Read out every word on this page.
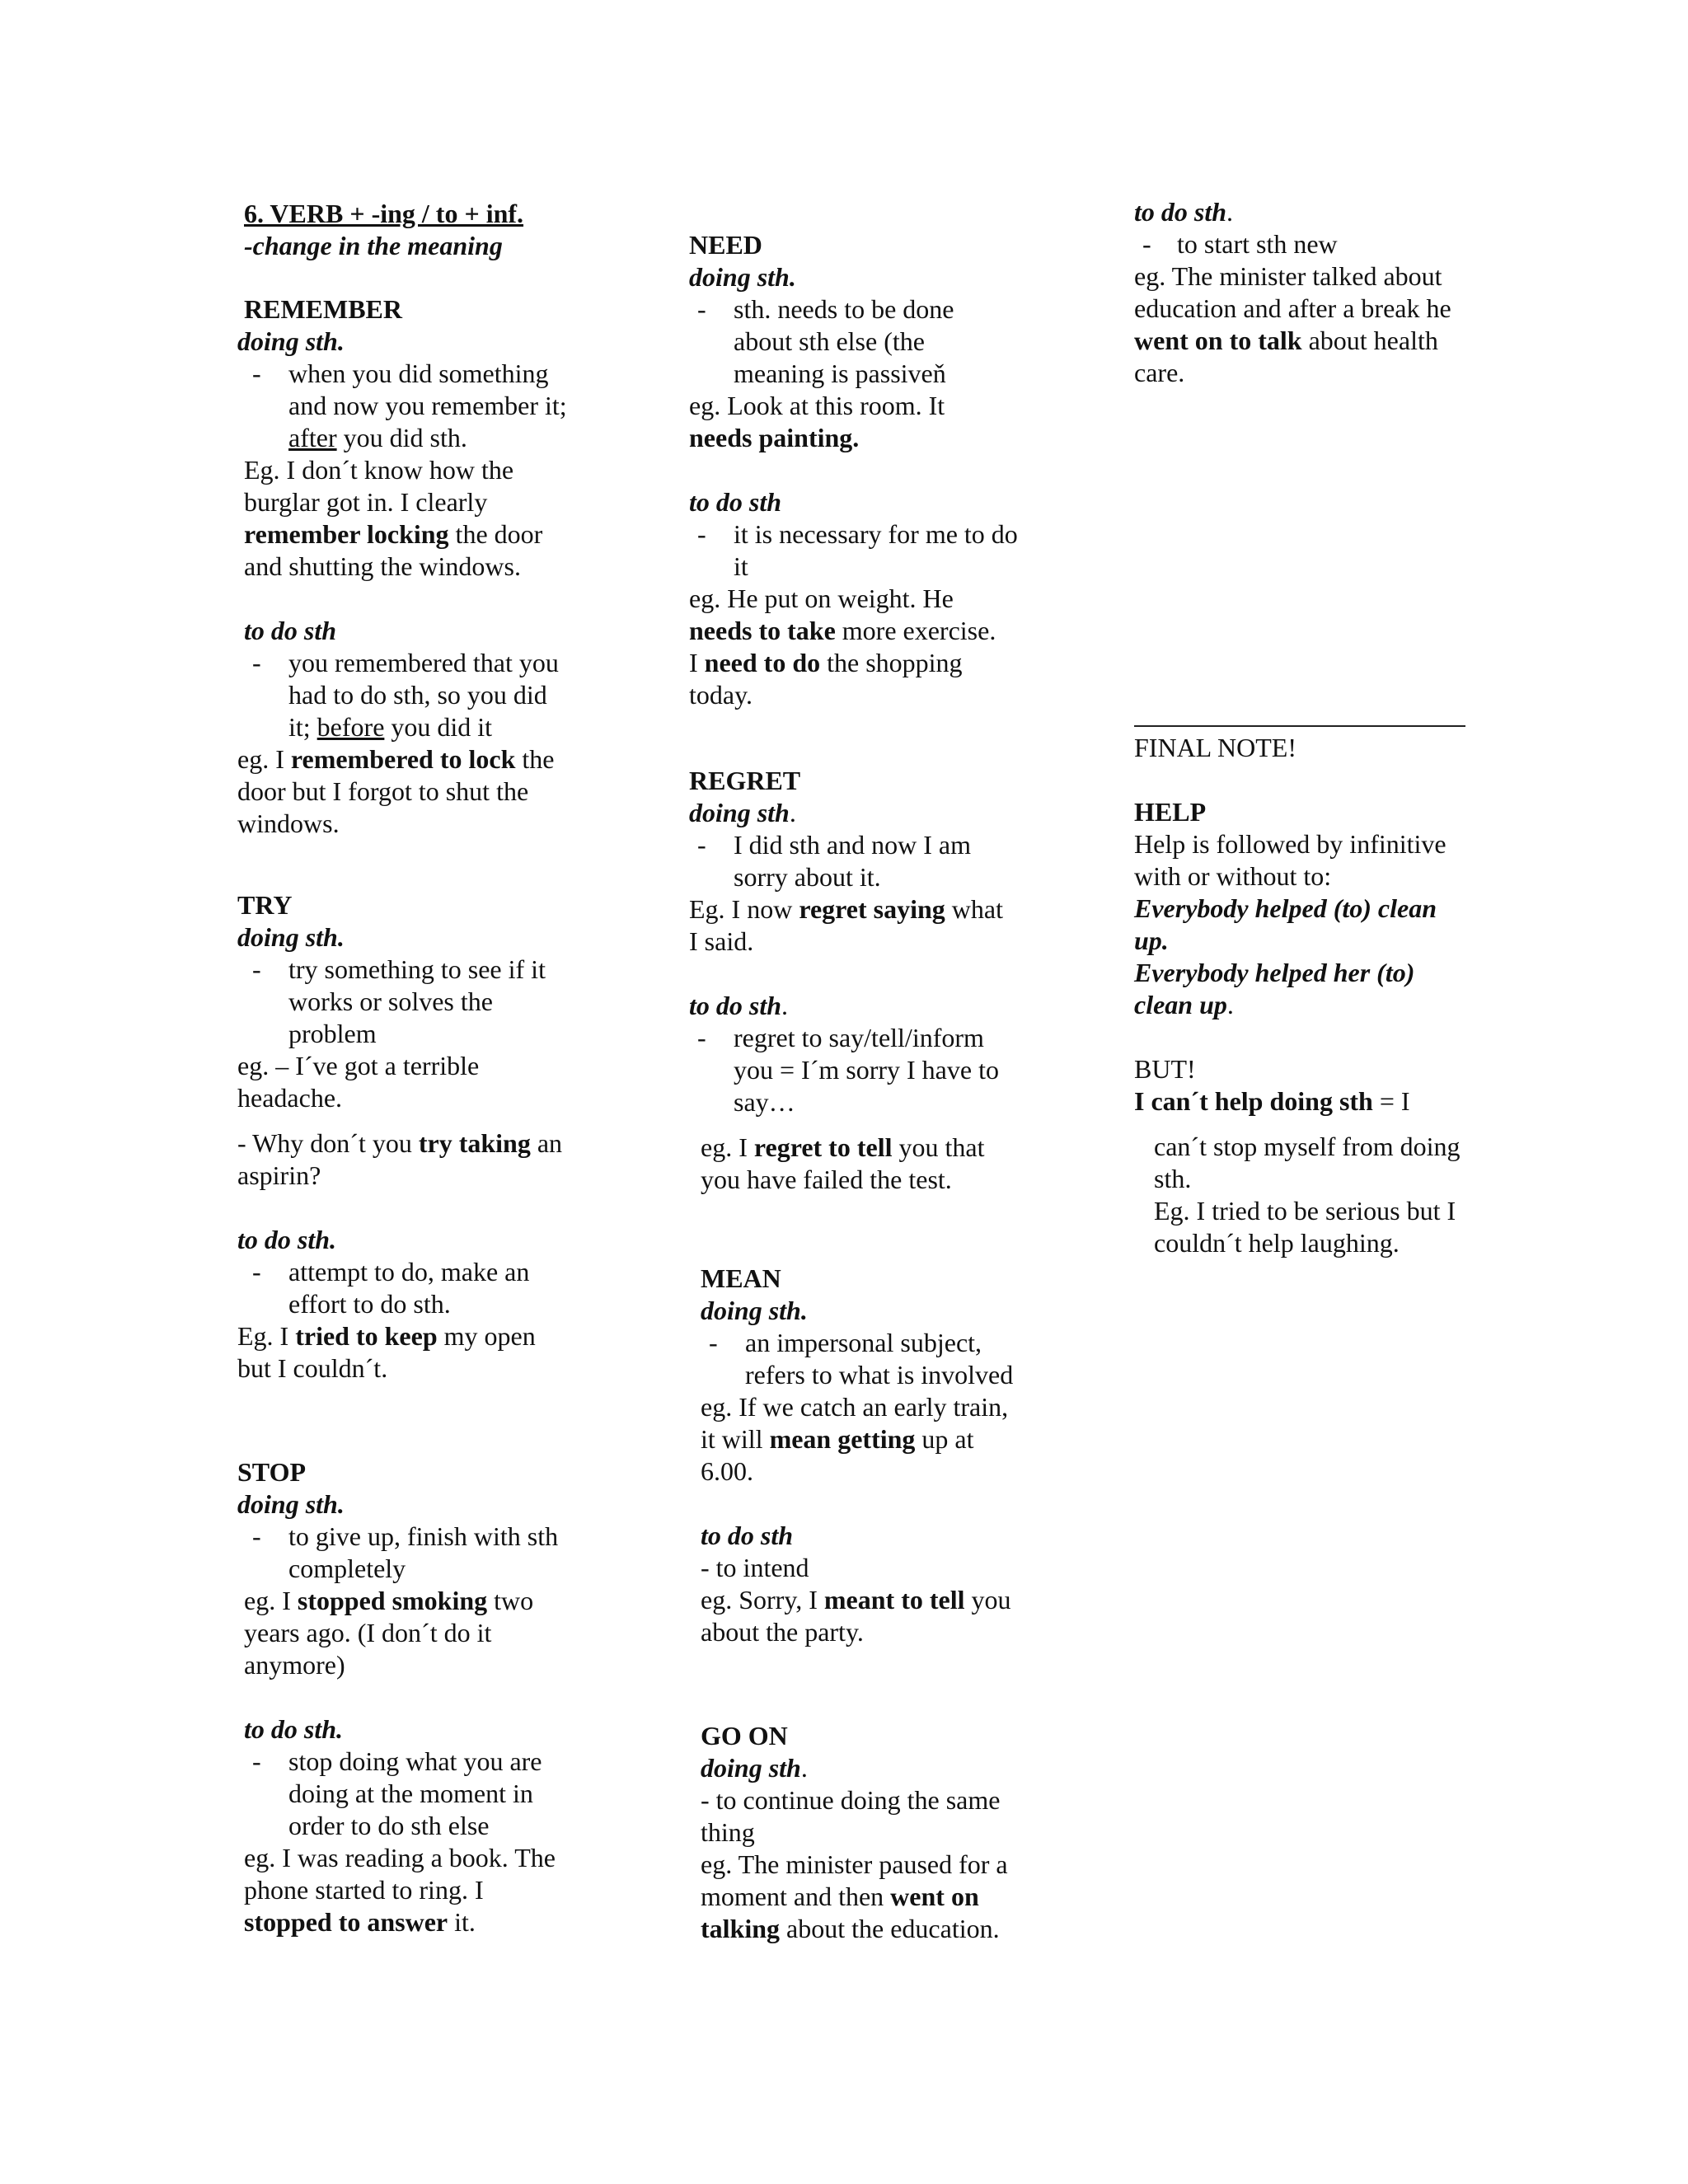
6. VERB + -ing / to + inf.
-change in the meaning
REMEMBER
doing sth.
-	when you did something
and now you remember it;
after you did sth.
Eg. I don´t know how the
burglar got in. I clearly
remember locking the door
and shutting the windows.
to do sth
-	you remembered that you
had to do sth, so you did
it; before you did it
eg. I remembered to lock the
door but I forgot to shut the
windows.
TRY
doing sth.
-	try something to see if it
works or solves the
problem
eg. – I´ve got a terrible
headache.
- Why don´t you try taking an
aspirin?
to do sth.
-	attempt to do, make an
effort to do sth.
Eg. I tried to keep my open
but I couldn´t.
STOP
doing sth.
-	to give up, finish with sth
completely
eg. I stopped smoking two
years ago. (I don´t do it
anymore)
to do sth.
-	stop doing what you are
doing at the moment in
order to do sth else
eg. I was reading a book. The
phone started to ring. I
stopped to answer it.
NEED
doing sth.
-	sth. needs to be done
about sth else (the
meaning is passiveň
eg. Look at this room. It
needs painting.
to do sth
-	it is necessary for me to do
it
eg. He put on weight. He
needs to take more exercise.
I need to do the shopping
today.
REGRET
doing sth.
-	I did sth and now I am
sorry about it.
Eg. I now regret saying what
I said.
to do sth.
-	regret to say/tell/inform
you = I´m sorry I have to
say…
eg. I regret to tell you that
you have failed the test.
MEAN
doing sth.
-	an impersonal subject,
refers to what is involved
eg. If we catch an early train,
it will mean getting up at
6.00.
to do sth
- to intend
eg. Sorry, I meant to tell you
about the party.
GO ON
doing sth.
- to continue doing the same
thing
eg. The minister paused for a
moment and then went on
talking about the education.
to do sth.
- to start sth new
eg. The minister talked about
education and after a break he
went on to talk about health
care.
FINAL NOTE!
HELP
Help is followed by infinitive
with or without to:
Everybody helped (to) clean
up.
Everybody helped her (to)
clean up.
BUT!
I can´t help doing sth = I
can´t stop myself from doing
sth.
Eg. I tried to be serious but I
couldn´t help laughing.
